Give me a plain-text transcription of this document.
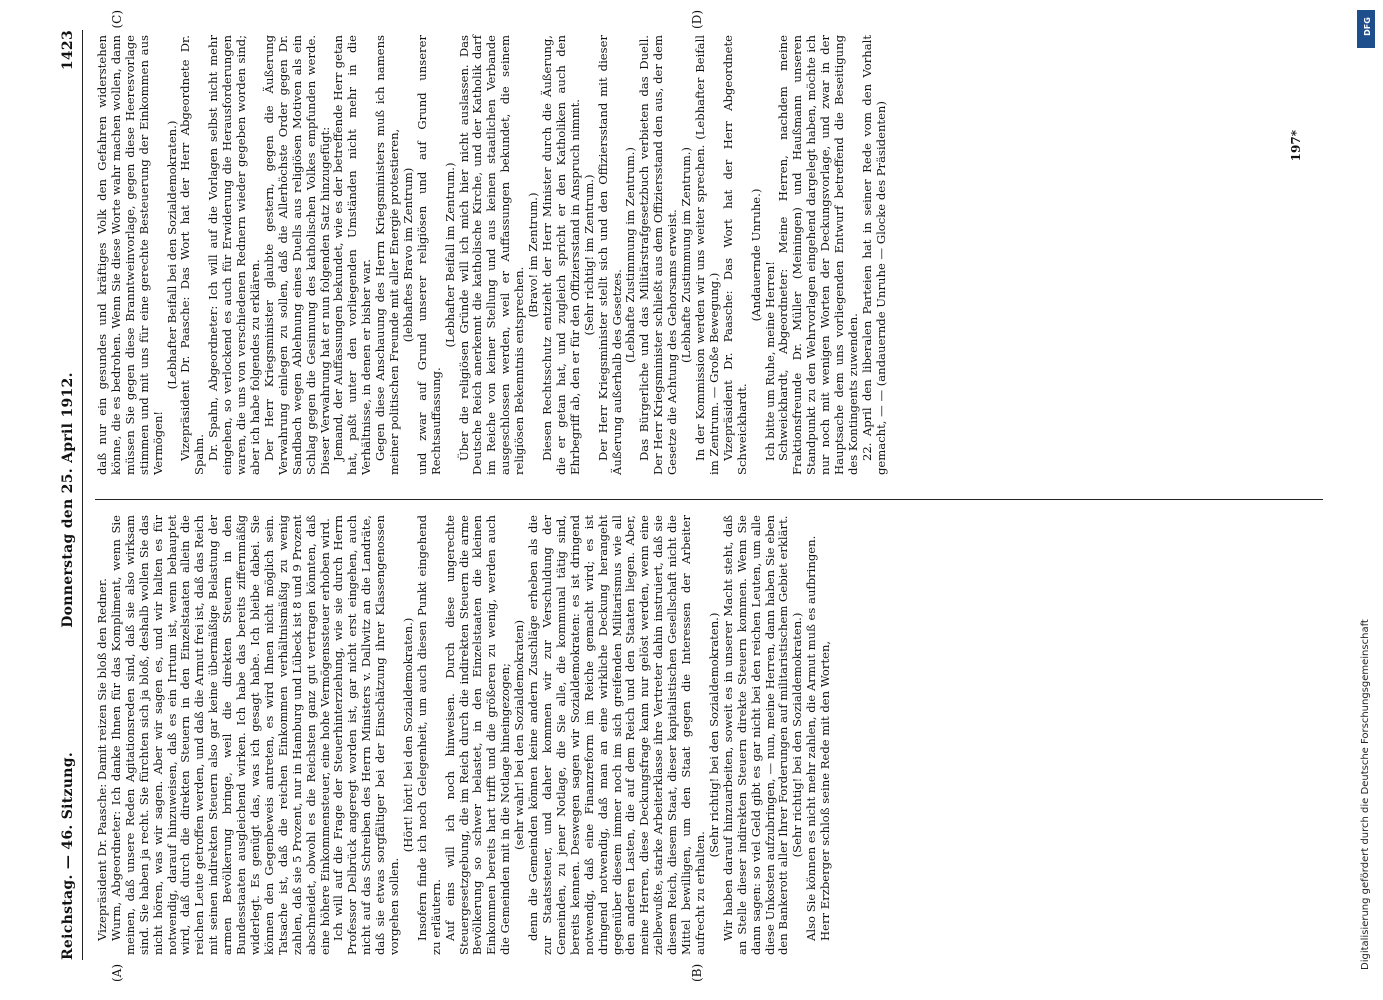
Reichstag. — 46. Sitzung.
Donnerstag den 25. April 1912.
1423
(A)	(B)
(C)	(D)

Vizepräsident Dr. Paasche: Damit reizen Sie bloß den Redner. Wurm, Abgeordneter: Ich danke Ihnen für das Kompliment, wenn Sie meinen, daß unsere Reden Agitationsreden sind, daß sie also wirksam sind. Sie haben ja recht. Sie fürchten sich ja bloß, deshalb wollen Sie das nicht hören, was wir sagen. Aber wir sagen es, und wir halten es für notwendig, darauf hinzuweisen, daß es ein Irrtum ist, wenn behauptet wird, daß durch die direkten Steuern in den Einzelstaaten allein die reichen Leute getroffen werden, und daß die Armut frei ist, daß das Reich mit seinen indirekten Steuern also gar keine übermäßige Belastung der armen Bevölkerung bringe, weil die direkten Steuern in den Bundesstaaten ausgleichend wirken. Ich habe das bereits ziffernmäßig widerlegt. Es genügt das, was ich gesagt habe. Ich bleibe dabei. Sie können den Gegenbeweis antreten, es wird Ihnen nicht möglich sein. Tatsache ist, daß die reichen Einkommen verhältnismäßig zu wenig zahlen, daß sie 5 Prozent, nur in Hamburg und Lübeck ist 8 und 9 Prozent abschneidet, obwohl es die Reichsten ganz gut vertragen könnten, daß eine höhere Einkommensteuer, eine hohe Vermögenssteuer erhoben wird. Ich will auf die Frage der Steuerhinterziehung, wie sie durch Herrn Professor Delbrück angeregt worden ist, gar nicht erst eingehen, auch nicht auf das Schreiben des Herrn Ministers v. Dallwitz an die Landräte, daß sie etwas sorgfältiger bei der Einschätzung ihrer Klassengenossen vorgehen sollen.

(Hört! hört! bei den Sozialdemokraten.) Insofern finde ich noch Gelegenheit, um auch diesen Punkt eingehend zu erläutern. Auf eins will ich noch hinweisen. Durch diese ungerechte Steuergesetzgebung, die im Reich durch die indirekten Steuern die arme Bevölkerung so schwer belastet, in den Einzelstaaten die kleinen Einkommen bereits hart trifft und die größeren zu wenig, werden auch die Gemeinden mit in die Notlage hineingezogen; (sehr wahr! bei den Sozialdemokraten) denn die Gemeinden können keine andern Zuschläge erheben als die zur Staatssteuer, und daher kommen wir zur Verschuldung der Gemeinden, zu jener Notlage, die Sie alle, die kommunal tätig sind, bereits kennen. Deswegen sagen wir Sozialdemokraten: es ist dringend notwendig, daß eine Finanzreform im Reiche gemacht wird; es ist dringend notwendig, daß man an eine wirkliche Deckung herangeht gegenüber diesem immer noch im sich greifenden Militarismus wie all den anderen Lasten, die auf dem Reich und den Staaten liegen. Aber, meine Herren, diese Deckungsfrage kann nur gelöst werden, wenn eine zielbewußte, starke Arbeiterklasse ihre Vertreter dahin instruiert, daß sie diesem Reich, diesem Staat, dieser kapitalistischen Gesellschaft nicht die Mittel bewilligen, um den Staat gegen die Interessen der Arbeiter aufrecht zu erhalten.

(Sehr richtig! bei den Sozialdemokraten.) Wir haben darauf hinzuarbeiten, soweit es in unserer Macht steht, daß an Stelle dieser indirekten Steuern direkte Steuern kommen. Wenn Sie dann sagen: so viel Geld gibt es gar nicht bei den reichen Leuten, um alle diese Unkosten aufzubringen, — nun, meine Herren, dann haben Sie eben den Bankerott aller Ihrer Forderungen auf militaristischem Gebiet erklärt. (Sehr richtig! bei den Sozialdemokraten.) Also Sie können es nicht mehr zahlen, die Armut muß es aufbringen. Herr Erzberger schloß seine Rede mit den Worten,

daß nur ein gesundes und kräftiges Volk den Gefahren widerstehen könne, die es bedrohen. Wenn Sie diese Worte wahr machen wollen, dann müssen Sie gegen diese Branntweinvorlage, gegen diese Heeresvorlage stimmen und mit uns für eine gerechte Besteuerung der Einkommen aus Vermögen!

(Lebhafter Beifall bei den Sozialdemokraten.) Vizepräsident Dr. Paasche: Das Wort hat der Herr Abgeordnete Dr. Spahn. Dr. Spahn, Abgeordneter: Ich will auf die Vorlagen selbst nicht mehr eingehen, so verlockend es auch für Erwiderung die Herausforderungen waren, die uns von verschiedenen Rednern wieder gegeben worden sind; aber ich habe folgendes zu erklären. Der Herr Kriegsminister glaubte gestern, gegen die Äußerung Verwahrung einlegen zu sollen, daß die Allerhöchste Order gegen Dr. Sandbach wegen Ablehnung eines Duells aus religiösen Motiven als ein Schlag gegen die Gesinnung des katholischen Volkes empfunden werde. Dieser Verwahrung hat er nun folgenden Satz hinzugefügt: Jemand, der Auffassungen bekundet, wie es der betreffende Herr getan hat, paßt unter den vorliegenden Umständen nicht mehr in die Verhältnisse, in denen er bisher war. Gegen diese Anschauung des Herrn Kriegsministers muß ich namens meiner politischen Freunde mit aller Energie protestieren, (lebhaftes Bravo im Zentrum) und zwar auf Grund unserer religiösen und auf Grund unserer Rechtsauffassung.

(Lebhafter Beifall im Zentrum.) Über die religiösen Gründe will ich mich hier nicht auslassen. Das Deutsche Reich anerkennt die katholische Kirche, und der Katholik darf im Reiche von keiner Stellung und aus keinen staatlichen Verbande ausgeschlossen werden, weil er Auffassungen bekundet, die seinem religiösen Bekenntnis entsprechen.

(Bravo! im Zentrum.) Diesen Rechtsschutz entzieht der Herr Minister durch die Äußerung, die er getan hat, und zugleich spricht er den Katholiken auch den Ehrbegriff ab, den er für den Offiziersstand in Anspruch nimmt. (Sehr richtig! im Zentrum.) Der Herr Kriegsminister stellt sich und den Offiziersstand mit dieser Äußerung außerhalb des Gesetzes.

(Lebhafte Zustimmung im Zentrum.) Das Bürgerliche und das Militärstrafgesetzbuch verbieten das Duell. Der Herr Kriegsminister schließt aus dem Offiziersstand den aus, der dem Gesetze die Achtung des Gehorsams erweist. (Lebhafte Zustimmung im Zentrum.) In der Kommission werden wir uns weiter sprechen. (Lebhafter Beifall im Zentrum. — Große Bewegung.) Vizepräsident Dr. Paasche: Das Wort hat der Herr Abgeordnete Schweickhardt.

(Andauernde Unruhe.)

Ich bitte um Ruhe, meine Herren! Schweickhardt, Abgeordneter: Meine Herren, nachdem meine Fraktionsfreunde Dr. Müller (Meiningen) und Haußmann unseren Standpunkt zu den Wehrvorlagen eingehend dargelegt haben, möchte ich nur noch mit wenigen Worten der Deckungsvorlage, und zwar in der Hauptsache dem uns vorliegenden Entwurf betreffend die Beseitigung des Kontingents zuwenden. 22. April den liberalen Parteien hat in seiner Rede vom den Vorhalt gemacht, — — (andauernde Unruhe — Glocke des Präsidenten)	197*
DFG
Digitalisierung gefördert durch die Deutsche Forschungsgemeinschaft
